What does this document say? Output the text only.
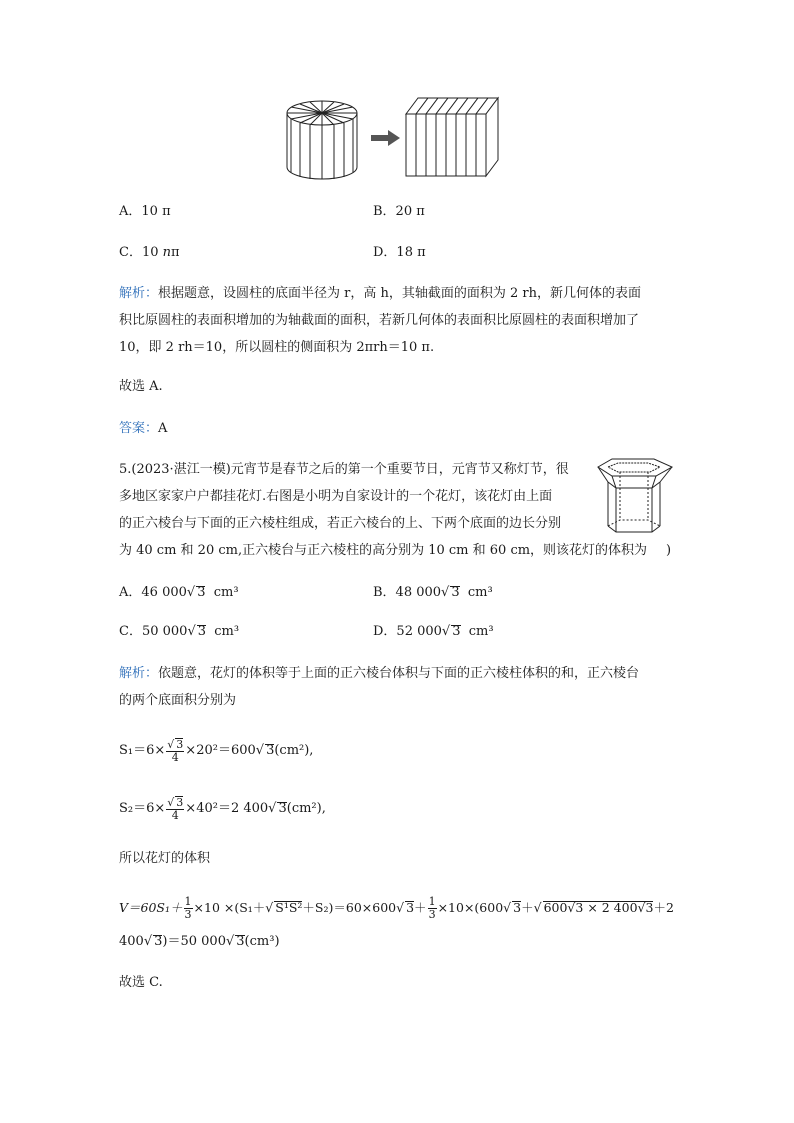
A．10 π	B．20 π
C．10 nπ	D．18 π
解析：根据题意，设圆柱的底面半径为 r，高 h，其轴截面的面积为 2 rh，新几何体的表面
积比原圆柱的表面积增加的为轴截面的面积，若新几何体的表面积比原圆柱的表面积增加了
10，即 2 rh＝10，所以圆柱的侧面积为 2πrh＝10 π.
故选 A.
答案：A
5.(2023·湛江一模)元宵节是春节之后的第一个重要节日，元宵节又称灯节，很
多地区家家户户都挂花灯.右图是小明为自家设计的一个花灯，该花灯由上面
的正六棱台与下面的正六棱柱组成，若正六棱台的上、下两个底面的边长分别
为 40 cm 和 20 cm,正六棱台与正六棱柱的高分别为 10 cm 和 60 cm，则该花灯的体积为 )
A．46 000√ 3 cm³	B．48 000√ 3 cm³
C．50 000√ 3 cm³	D．52 000√ 3 cm³
解析：依题意，花灯的体积等于上面的正六棱台体积与下面的正六棱柱体积的和，正六棱台
的两个底面积分别为
$S_1=6\times \frac{√ 3}{4} \times 20^2=600√$ 3(cm²),
$S_2=6\times \frac{√ 3}{4} \times 40^2=2$ 400√ 3(cm²),
所以花灯的体积
$V=60S_1+ \frac{1}{3} \times 10 \times(S_1+√$ S¹S²＋S₂)＝60×600√ $3+ \frac{1}{3} \times 10\times(600√$ 3＋√ 600√3 × 2 400√3＋2
400√ 3)＝50 000√ 3(cm³)
故选 C.
